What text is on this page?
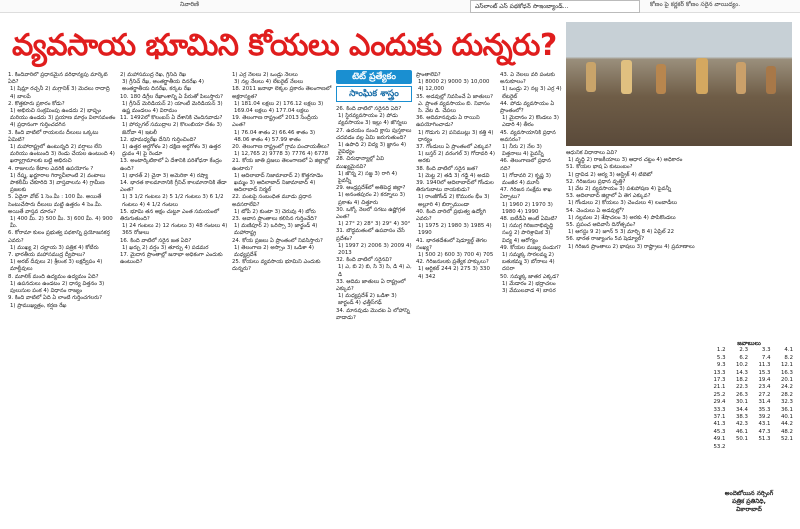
నివారిణి	ఎస్‌లాంట్ ఎస్ పథకోధన్ సాఇంబ్యాండ్...	కోణం పై కర్ణకర్ కోణం సరైన వాయిద్యం.
వ్యవసాయ భూమిని కోయలు ఎందుకు దున్నరు?
టెట్ ప్రత్యేకం
సాంఘిక శాస్త్రం
1. కిందివారిలో ప్రధానమైన వరిధాన్యపు మార్కెట్ ఏది?
1) షిమ్లా రచ్చనీ 2) మగ్గానిక్ 3) మెదలు రాదాద్రి 4) బాలపే
2. కొత్తకూరు ప్రకారం కోడు?
1) అభిరుచి సంక్రమింపు ఉండదు 2) భాష్పం మరియు ఉండదు 3) ప్రయాణ మార్గం విలాసవంతం 4) ప్రధానంగా గుర్తించదగిన
3. కింది వాటిలో రాయలను దీలులు ఒక్కటు ఏమిటి?
1) మహారాష్ట్రలో ఉంటున్నది 2) వర్షాలు లేని మరియు ఉంటుంది 3) రెండు చేయల ఉంటుంది 4) ఖర్యాగ్రామాలకు బట్టి అభిరుచి
4. రాజులను కేటాల ఎవరికి ఉపయోగం ?
1) రేష్మ, ఖర్జూరాల గిర్యాచీలాంటి 2) వంటాలు పాకలీమీ చేకూరిది 3) వాస్తవాలను 4) గ్రామీణ ప్రజలకు
5. ఏదైనా వోట్ 1 సెం.మీ : 100 మీ. అయితే సెంటుచేసారు దీలులు మట్టి ఉత్తరం 4 సెం.మీ. అయితే వాస్తవ దూరం?
1) 400 మీ. 2) 500 మీ. 3) 600 మీ. 4) 900 మీ.
6. కోరామా కులం ప్రభుత్వ పథకాన్ని ప్రయోజనకర్త ఎవరు?
1) ముఖ్య 2) దల్లాయ 3) పత్రిక 4) కోటీరు
7. భారతీయ మహాసముద్ర ద్వీపాలు?
1) అరబ్ దీవులు 2) శ్రీలంక 3) లక్షద్వీపం 4) మాల్దీవులు
8. మూలిక్ మంది ఉద్యమం ఉద్యమం ఏది?
1) ఉపనదులు ఉండటం 2) ధాన్య విత్తనం 3) పులుసుల పంక 4) విధానం రాజ్యం
9. కింది వాటిలో ఏది ఏ లాంటి గుర్తించగలరు?
1) ప్రాముఖ్యత్రం, కర్షణ రేఖ
2) మహాసముద్ర రేఖ, గ్రీనిచ్ రేఖ
3) గ్రీనిచ్ రేఖ, అంతర్జాతీయ దినరేఖ 4) అంతర్జాతీయ దినరేఖ, కర్కట రేఖ
10. 180 డిగ్రీల రేఖాంశాన్ని ఏ పేరుతో పిలుస్తారు?
1) గ్రీనిచ్ మెరిడియన్ 2) యాంటీ మెరిడియన్ 3) ఉష్ణ మండలం 4) విరామం
11. 1492లో కొలంబస్ ఏ దేశానికి చెందినవాడు?
1) పోర్చుగల్ సముద్రాల 2) కొలంబియా దేశం 3) జెనోవా 4) ఇటలీ
12. భూమధ్యరేఖ దేనిని గుర్తించింది?
1) ఉత్తర అర్ధగోళం 2) దక్షిణ అర్ధగోళం 3) ఉత్తర ధ్రువం 4) పై రెండూ
13. అంటార్కిటికాలో ఏ దేశానికి పరిశోధనా కేంద్రం ఉంది?
1) భారత్ 2) చైనా 3) అమెరికా 4) రష్యా
14. భారత కాలమానానికి గ్రీనిచ్ కాలమానానికి తేడా ఎంత?
1) 3 1/2 గంటలు 2) 5 1/2 గంటలు 3) 6 1/2 గంటలు 4) 4 1/2 గంటలు
15. భూమి తన అక్షం చుట్టూ ఎంత సమయంలో తిరుగుతుంది?
1) 24 గంటలు 2) 12 గంటలు 3) 48 గంటలు 4) 365 రోజులు
16. కింది వాటిలో సరైన జత ఏది?
1) ఖర్చు 2) వర్షం 3) తూర్పు 4) పడమర
17. మైదాన ప్రాంతాల్లో జనాభా అధికంగా ఎందుకు ఉంటుంది?
1) ఎర్ర నేలలు 2) ఒండ్రు నేలలు
3) నల్ల నేలలు 4) లేటరైట్ నేలలు
18. 2011 జనాభా లెక్కల ప్రకారం తెలంగాణలో అక్షరాస్యత?
1) 181.04 లక్షలు 2) 176.12 లక్షలు 3) 169.04 లక్షలు 4) 177.04 లక్షలు
19. తెలంగాణ రాష్ట్రంలో 2013 సేంద్రీయ ఎంత?
1) 76.04 శాతం 2) 66.46 శాతం 3) 48.06 శాతం 4) 57.99 శాతం
20. తెలంగాణ రాష్ట్రంలో గ్రామ పంచాయతీలు?
1) 12,765 2) 9778 3) 7776 4) 6778
21. కోయ జాతి ప్రజలు తెలంగాణలో ఏ జిల్లాల్లో ఉంటారు?
1) ఆదిలాబాద్ నిజామాబాద్ 2) కొత్తగూడెం ఖమ్మం 3) ఆదిలాబాద్ నిజామాబాద్ 4) ఆదిలాబాద్ నిర్మల్
22. పంటపై సంబంధిత మూడు ప్రధాన అవసరాలేవి?
1) టోపీ 2) కుంటా 3) చెరువు 4) బోరు
23. ఆవాస ప్రాంతాలు కలిసిన గుర్తించేది?
1) మణిపూర్ 2) ఒరిస్సా 3) జార్ఖండ్ 4) మహారాష్ట్ర
24. కోయ ప్రజలు ఏ ప్రాంతంలో నివసిస్తారు?
1) తెలంగాణ 2) అస్సాం 3) ఒడిశా 4) మధ్యప్రదేశ్
25. కోయలు వ్యవసాయ భూమిని ఎందుకు దున్నరు?
26. కింది వాటిలో సరైనది ఏది?
1) స్థిరవ్యవసాయం 2) పోడు వ్యవసాయం 3) ఇల్లు 4) జొన్నలు
27. ఉదయం నుంచి క్లాసు పుస్తకాలు చదవడం వల్ల ఏమి జరుగుతుంది?
1) ఉపాధి 2) విద్య 3) జ్ఞానం 4) వైవిధ్యం
28. చిరుధాన్యాల్లో ఏవి ముఖ్యమైనవి?
1) జొన్న 2) సజ్జ 3) రాగి 4) పైవన్నీ
29. ఆంధ్రప్రదేశ్‌లో అతిపెద్ద జిల్లా?
1) అనంతపురం 2) కర్నూలు 3) ప్రకాశం 4) చిత్తూరు
30. ఒక్కో నెలలో సగటు ఉష్ణోగ్రత ఎంత?
1) 27° 2) 28° 3) 29° 4) 30°
31. బౌద్ధమతంలో ఉపవాసం చేసే ప్రదేశం?
1) 1997 2) 2006 3) 2009 4) 2013
32. కింది వాటిలో సరైనవి?
1) ఎ, బి 2) బి, సి 3) సి, డి 4) ఎ, డి
33. ఆదిమ జాతులు ఏ రాష్ట్రంలో ఎక్కువ?
1) మధ్యప్రదేశ్ 2) ఒడిశా 3) జార్ఖండ్ 4) ఛత్తీస్‌గఢ్
34. మానవుడు మొదట ఏ లోహాన్ని వాడాడు?
ప్రాంతాలేవి?
1) 8000 2) 9000 3) 10,000 4) 12,000
35. అడవుల్లో నివసించే ఏ జాతులు?
ఎ. ప్రాంత వ్యవసాయం బి. నివాసం సి. వేట డి. చేపలు
36. ఆదిమానవుడు ఏ రాయిని ఉపయోగించాడు?
1) గొడుగు 2) పనిముట్లు 3) కత్తి 4) ధాన్యం
37. గోండులు ఏ ప్రాంతంలో ఎక్కువ?
1) బస్తర్ 2) వరంగల్ 3) గోదావరి 4) అరకు
38. కింది వాటిలో సరైన జత?
1) మెట్ట 2) తడి 3) గడ్డి 4) అడవి
39. 1940లో ఆదిలాబాద్‌లో గోండుల తిరుగుబాటు నాయకుడు?
1) రాంజీగోండ్ 2) కొమురం భీం 3) అల్లూరి 4) బిర్సాముండా
40. కింది వారిలో ప్రభుత్వ ఉద్యోగి ఎవరు?
1) 1975 2) 1980 3) 1985 4) 1990
41. భారతదేశంలో షెడ్యూల్డ్ తెగల సంఖ్య?
1) 500 2) 600 3) 700 4) 705
42. గిరిజనులకు ప్రత్యేక హక్కులు?
1) ఆర్టికల్ 244 2) 275 3) 330 4) 342
43. ఏ నేలలు వరి పంటకు అనుకూలం?
1) ఒండ్రు 2) నల్ల 3) ఎర్ర 4) లేటరైట్
44. పోడు వ్యవసాయం ఏ ప్రాంతంలో?
1) మైదానం 2) కొండలు 3) ఎడారి 4) తీరం
45. వ్యవసాయానికి ప్రధాన అవసరం?
1) నీరు 2) నేల 3) విత్తనాలు 4) పైవన్నీ
46. తెలంగాణలో ప్రధాన నది?
1) గోదావరి 2) కృష్ణ 3) మంజీర 4) మూసీ
47. గిరిజన సంక్షేమ శాఖ ఏర్పాటు?
1) 1960 2) 1970 3) 1980 4) 1990
48. ఐటీడీఏ అంటే ఏమిటి?
1) సమగ్ర గిరిజనాభివృద్ధి సంస్థ 2) పారిశ్రామిక 3) విద్య 4) ఆరోగ్యం
49. కోయల ముఖ్య పండుగ?
1) సమ్మక్క సారలమ్మ 2) బతుకమ్మ 3) బోనాలు 4) దసరా
50. సమ్మక్క జాతర ఎక్కడ?
1) మేడారం 2) భద్రాచలం 3) వేములవాడ 4) బాసర
ఆధునిక విధానాలు ఏవి?
1) వృద్ధి 2) రాజకీయాలు 3) ఆధార చట్టం 4) అధికారం
51. కోయల భాష ఏ కుటుంబం?
1) ద్రావిడ 2) ఆర్య 3) ఆస్ట్రిక్ 4) టిబెటో
52. గిరిజనుల ప్రధాన వృత్తి?
1) వేట 2) వ్యవసాయం 3) పశుపోషణ 4) పైవన్నీ
53. ఆదిలాబాద్ జిల్లాలో ఏ తెగ ఎక్కువ?
1) గోండులు 2) కోయలు 3) చెంచులు 4) లంబాడీలు
54. చెంచులు ఏ అడవుల్లో?
1) నల్లమల 2) శేషాచలం 3) అరకు 4) పాపికొండలు
55. ప్రపంచ ఆదివాసీ దినోత్సవం?
1) ఆగస్టు 9 2) జూన్ 5 3) మార్చి 8 4) ఏప్రిల్ 22
56. భారత రాజ్యాంగం 5వ షెడ్యూల్?
1) గిరిజన ప్రాంతాలు 2) భాషలు 3) రాష్ట్రాలు 4) ప్రమాణాలు
జవాబులు
1.2	2.3	3.3	4.1
5.3	6.2	7.4	8.2
9.3	10.2	11.3	12.1
13.3	14.3	15.3	16.3
17.3	18.2	19.4	20.1
21.1	22.3	23.4	24.2
25.2	26.3	27.2	28.2
29.4	30.1	31.4	32.3
33.3	34.4	35.3	36.1
37.1	38.3	39.2	40.1
41.3	42.3	43.1	44.2
45.3	46.1	47.3	48.2
49.1	50.1	51.3	52.1
53.2
అందెబోయిన నర్సింగ్
పత్రిక ప్రతినిధి,
వికారాబాద్
